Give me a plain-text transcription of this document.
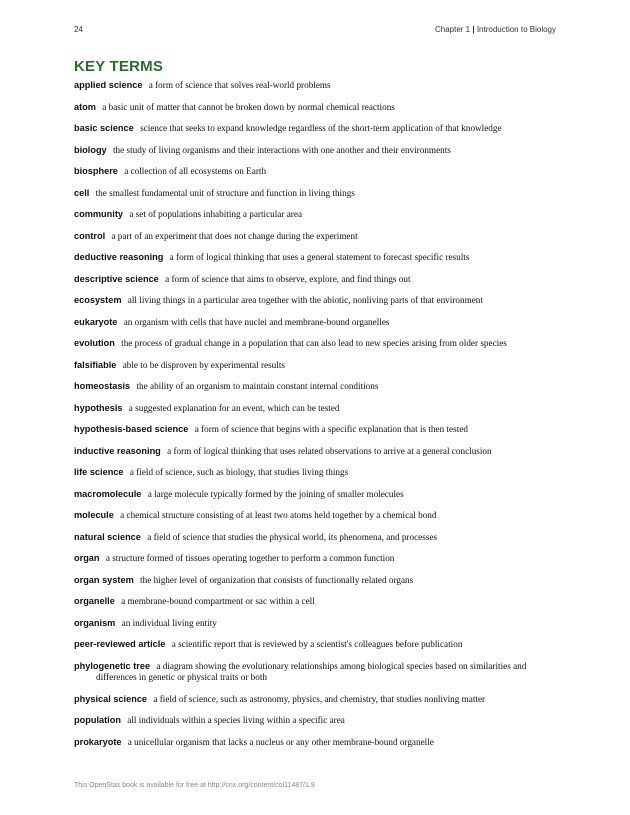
24	Chapter 1 | Introduction to Biology
KEY TERMS
applied science a form of science that solves real-world problems
atom a basic unit of matter that cannot be broken down by normal chemical reactions
basic science science that seeks to expand knowledge regardless of the short-term application of that knowledge
biology the study of living organisms and their interactions with one another and their environments
biosphere a collection of all ecosystems on Earth
cell the smallest fundamental unit of structure and function in living things
community a set of populations inhabiting a particular area
control a part of an experiment that does not change during the experiment
deductive reasoning a form of logical thinking that uses a general statement to forecast specific results
descriptive science a form of science that aims to observe, explore, and find things out
ecosystem all living things in a particular area together with the abiotic, nonliving parts of that environment
eukaryote an organism with cells that have nuclei and membrane-bound organelles
evolution the process of gradual change in a population that can also lead to new species arising from older species
falsifiable able to be disproven by experimental results
homeostasis the ability of an organism to maintain constant internal conditions
hypothesis a suggested explanation for an event, which can be tested
hypothesis-based science a form of science that begins with a specific explanation that is then tested
inductive reasoning a form of logical thinking that uses related observations to arrive at a general conclusion
life science a field of science, such as biology, that studies living things
macromolecule a large molecule typically formed by the joining of smaller molecules
molecule a chemical structure consisting of at least two atoms held together by a chemical bond
natural science a field of science that studies the physical world, its phenomena, and processes
organ a structure formed of tissues operating together to perform a common function
organ system the higher level of organization that consists of functionally related organs
organelle a membrane-bound compartment or sac within a cell
organism an individual living entity
peer-reviewed article a scientific report that is reviewed by a scientist's colleagues before publication
phylogenetic tree a diagram showing the evolutionary relationships among biological species based on similarities and differences in genetic or physical traits or both
physical science a field of science, such as astronomy, physics, and chemistry, that studies nonliving matter
population all individuals within a species living within a specific area
prokaryote a unicellular organism that lacks a nucleus or any other membrane-bound organelle
This OpenStax book is available for free at http://cnx.org/content/col11487/1.9
